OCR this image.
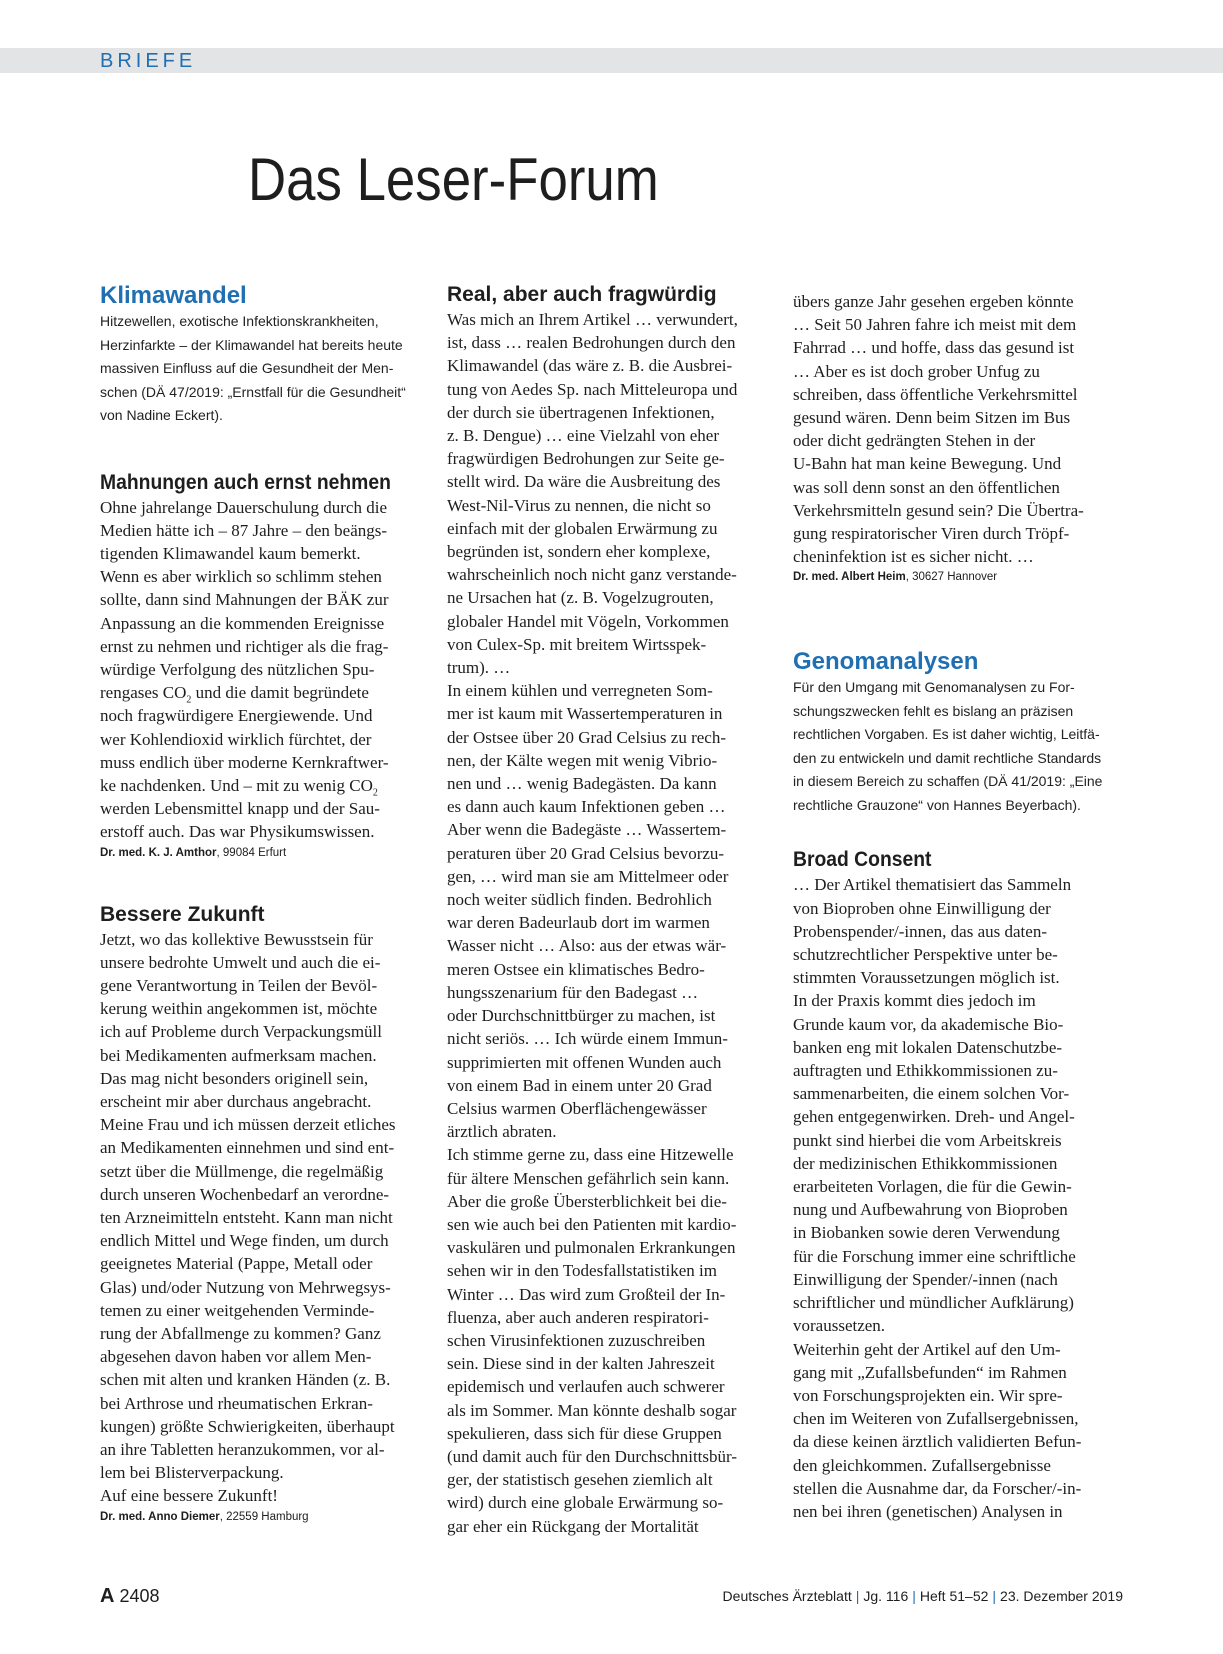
BRIEFE
Das Leser-Forum
Klimawandel
Hitzewellen, exotische Infektionskrankheiten,
Herzinfarkte – der Klimawandel hat bereits heute
massiven Einfluss auf die Gesundheit der Men-
schen (DÄ 47/2019: „Ernstfall für die Gesundheit“
von Nadine Eckert).
Mahnungen auch ernst nehmen
Ohne jahrelange Dauerschulung durch die
Medien hätte ich – 87 Jahre – den beängs-
tigenden Klimawandel kaum bemerkt.
Wenn es aber wirklich so schlimm stehen
sollte, dann sind Mahnungen der BÄK zur
Anpassung an die kommenden Ereignisse
ernst zu nehmen und richtiger als die frag-
würdige Verfolgung des nützlichen Spu-
rengases $CO_2$ und die damit begründete
noch fragwürdigere Energiewende. Und
wer Kohlendioxid wirklich fürchtet, der
muss endlich über moderne Kernkraftwer-
ke nachdenken. Und – mit zu wenig $CO_2$
werden Lebensmittel knapp und der Sau-
erstoff auch. Das war Physikumswissen.
Dr. med. K. J. Amthor, 99084 Erfurt
Bessere Zukunft
Jetzt, wo das kollektive Bewusstsein für
unsere bedrohte Umwelt und auch die ei-
gene Verantwortung in Teilen der Bevöl-
kerung weithin angekommen ist, möchte
ich auf Probleme durch Verpackungsmüll
bei Medikamenten aufmerksam machen.
Das mag nicht besonders originell sein,
erscheint mir aber durchaus angebracht.
Meine Frau und ich müssen derzeit etliches
an Medikamenten einnehmen und sind ent-
setzt über die Müllmenge, die regelmäßig
durch unseren Wochenbedarf an verordne-
ten Arzneimitteln entsteht. Kann man nicht
endlich Mittel und Wege finden, um durch
geeignetes Material (Pappe, Metall oder
Glas) und/oder Nutzung von Mehrwegsys-
temen zu einer weitgehenden Verminde-
rung der Abfallmenge zu kommen? Ganz
abgesehen davon haben vor allem Men-
schen mit alten und kranken Händen (z. B.
bei Arthrose und rheumatischen Erkran-
kungen) größte Schwierigkeiten, überhaupt
an ihre Tabletten heranzukommen, vor al-
lem bei Blisterverpackung.
Auf eine bessere Zukunft!
Dr. med. Anno Diemer, 22559 Hamburg
Real, aber auch fragwürdig
Was mich an Ihrem Artikel … verwundert,
ist, dass … realen Bedrohungen durch den
Klimawandel (das wäre z. B. die Ausbrei-
tung von Aedes Sp. nach Mitteleuropa und
der durch sie übertragenen Infektionen,
z. B. Dengue) … eine Vielzahl von eher
fragwürdigen Bedrohungen zur Seite ge-
stellt wird. Da wäre die Ausbreitung des
West-Nil-Virus zu nennen, die nicht so
einfach mit der globalen Erwärmung zu
begründen ist, sondern eher komplexe,
wahrscheinlich noch nicht ganz verstande-
ne Ursachen hat (z. B. Vogelzugrouten,
globaler Handel mit Vögeln, Vorkommen
von Culex-Sp. mit breitem Wirtsspek-
trum). …
In einem kühlen und verregneten Som-
mer ist kaum mit Wassertemperaturen in
der Ostsee über 20 Grad Celsius zu rech-
nen, der Kälte wegen mit wenig Vibrio-
nen und … wenig Badegästen. Da kann
es dann auch kaum Infektionen geben …
Aber wenn die Badegäste … Wassertem-
peraturen über 20 Grad Celsius bevorzu-
gen, … wird man sie am Mittelmeer oder
noch weiter südlich finden. Bedrohlich
war deren Badeurlaub dort im warmen
Wasser nicht … Also: aus der etwas wär-
meren Ostsee ein klimatisches Bedro-
hungsszenarium für den Badegast …
oder Durchschnittbürger zu machen, ist
nicht seriös. … Ich würde einem Immun-
supprimierten mit offenen Wunden auch
von einem Bad in einem unter 20 Grad
Celsius warmen Oberflächengewässer
ärztlich abraten.
Ich stimme gerne zu, dass eine Hitzewelle
für ältere Menschen gefährlich sein kann.
Aber die große Übersterblichkeit bei die-
sen wie auch bei den Patienten mit kardio-
vaskulären und pulmonalen Erkrankungen
sehen wir in den Todesfallstatistiken im
Winter … Das wird zum Großteil der In-
fluenza, aber auch anderen respiratori-
schen Virusinfektionen zuzuschreiben
sein. Diese sind in der kalten Jahreszeit
epidemisch und verlaufen auch schwerer
als im Sommer. Man könnte deshalb sogar
spekulieren, dass sich für diese Gruppen
(und damit auch für den Durchschnittsbür-
ger, der statistisch gesehen ziemlich alt
wird) durch eine globale Erwärmung so-
gar eher ein Rückgang der Mortalität
übers ganze Jahr gesehen ergeben könnte
… Seit 50 Jahren fahre ich meist mit dem
Fahrrad … und hoffe, dass das gesund ist
… Aber es ist doch grober Unfug zu
schreiben, dass öffentliche Verkehrsmittel
gesund wären. Denn beim Sitzen im Bus
oder dicht gedrängten Stehen in der
U-Bahn hat man keine Bewegung. Und
was soll denn sonst an den öffentlichen
Verkehrsmitteln gesund sein? Die Übertra-
gung respiratorischer Viren durch Tröpf-
cheninfektion ist es sicher nicht. …
Dr. med. Albert Heim, 30627 Hannover
Genomanalysen
Für den Umgang mit Genomanalysen zu For-
schungszwecken fehlt es bislang an präzisen
rechtlichen Vorgaben. Es ist daher wichtig, Leitfä-
den zu entwickeln und damit rechtliche Standards
in diesem Bereich zu schaffen (DÄ 41/2019: „Eine
rechtliche Grauzone“ von Hannes Beyerbach).
Broad Consent
… Der Artikel thematisiert das Sammeln
von Bioproben ohne Einwilligung der
Probenspender/-innen, das aus daten-
schutzrechtlicher Perspektive unter be-
stimmten Voraussetzungen möglich ist.
In der Praxis kommt dies jedoch im
Grunde kaum vor, da akademische Bio-
banken eng mit lokalen Datenschutzbe-
auftragten und Ethikkommissionen zu-
sammenarbeiten, die einem solchen Vor-
gehen entgegenwirken. Dreh- und Angel-
punkt sind hierbei die vom Arbeitskreis
der medizinischen Ethikkommissionen
erarbeiteten Vorlagen, die für die Gewin-
nung und Aufbewahrung von Bioproben
in Biobanken sowie deren Verwendung
für die Forschung immer eine schriftliche
Einwilligung der Spender/-innen (nach
schriftlicher und mündlicher Aufklärung)
voraussetzen.
Weiterhin geht der Artikel auf den Um-
gang mit „Zufallsbefunden“ im Rahmen
von Forschungsprojekten ein. Wir spre-
chen im Weiteren von Zufallsergebnissen,
da diese keinen ärztlich validierten Befun-
den gleichkommen. Zufallsergebnisse
stellen die Ausnahme dar, da Forscher/-in-
nen bei ihren (genetischen) Analysen in
A 2408	Deutsches Ärzteblatt | Jg. 116 | Heft 51–52 | 23. Dezember 2019
